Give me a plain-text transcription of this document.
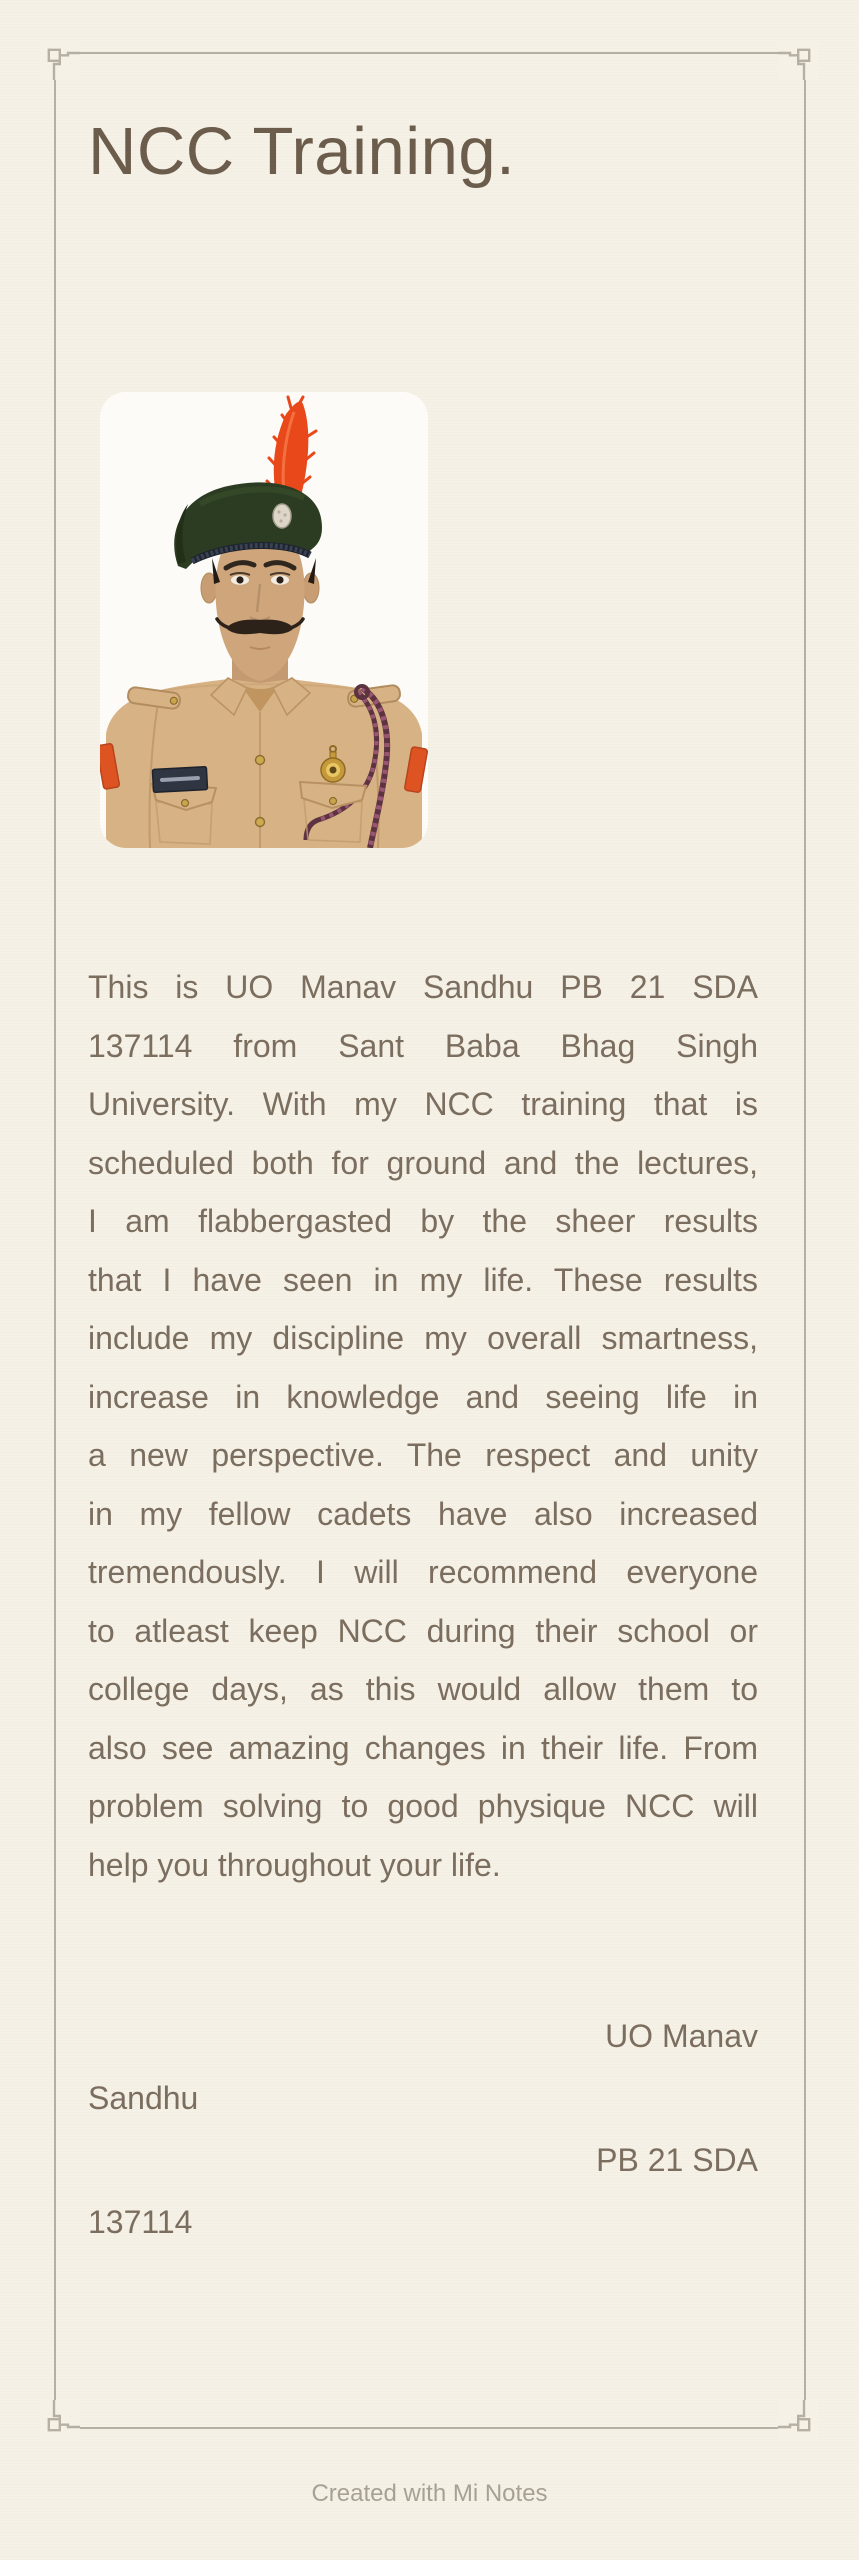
NCC Training.
This is UO Manav Sandhu PB 21 SDA
137114 from Sant Baba Bhag Singh
University. With my NCC training that is
scheduled both for ground and the lectures,
I am flabbergasted by the sheer results
that I have seen in my life. These results
include my discipline my overall smartness,
increase in knowledge and seeing life in
a new perspective. The respect and unity
in my fellow cadets have also increased
tremendously. I will recommend everyone
to atleast keep NCC during their school or
college days, as this would allow them to
also see amazing changes in their life. From
problem solving to good physique NCC will
help you throughout your life.
UO Manav
Sandhu
PB 21 SDA
137114
Created with Mi Notes
